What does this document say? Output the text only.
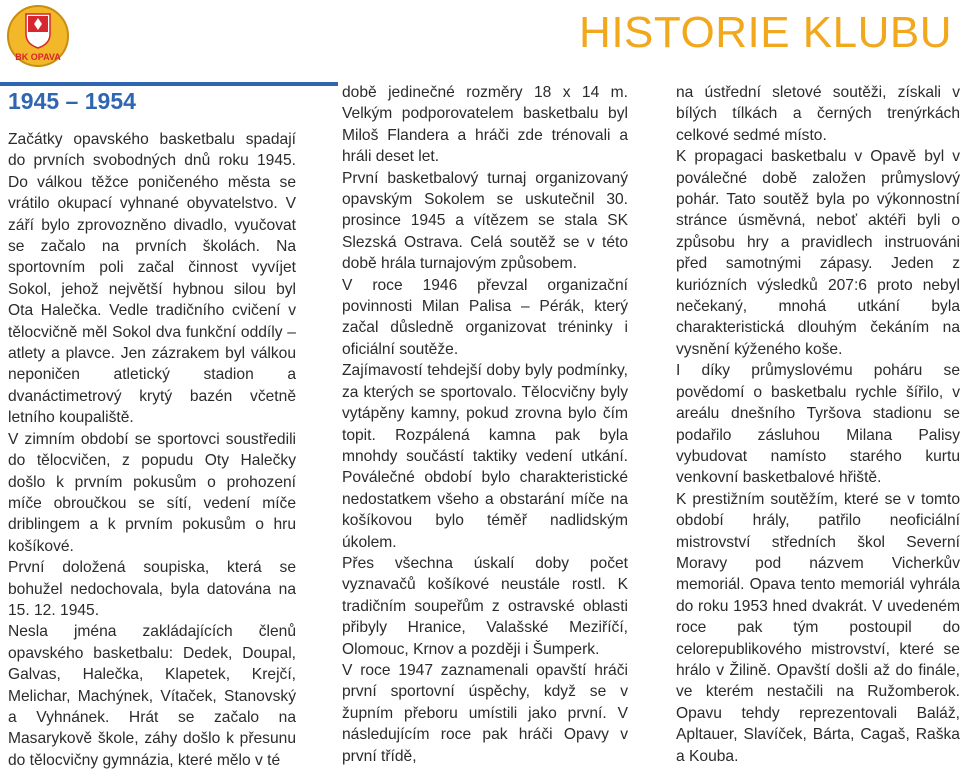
BK OPAVA	HISTORIE KLUBU
1945 – 1954

Začátky opavského basketbalu spadají do prvních svobodných dnů roku 1945. Do válkou těžce poničeného města se vrátilo okupací vyhnané obyvatelstvo. V září bylo zprovozněno divadlo, vyučovat se začalo na prvních školách. Na sportovním poli začal činnost vyvíjet Sokol, jehož největší hybnou silou byl Ota Halečka. Vedle tradičního cvičení v tělocvičně měl Sokol dva funkční oddíly – atlety a plavce. Jen zázrakem byl válkou neponičen atletický stadion a dvanáctimetrový krytý bazén včetně letního koupaliště.

V zimním období se sportovci soustředili do tělocvičen, z popudu Oty Halečky došlo k prvním pokusům o prohození míče obroučkou se sítí, vedení míče driblingem a k prvním pokusům o hru košíkové.

První doložená soupiska, která se bohužel nedochovala, byla datována na 15. 12. 1945.

Nesla jména zakládajících členů opavského basketbalu: Dedek, Doupal, Galvas, Halečka, Klapetek, Krejčí, Melichar, Machýnek, Vítaček, Stanovský a Vyhnánek. Hrát se začalo na Masarykově škole, záhy došlo k přesunu do tělocvičny gymnázia, které mělo v té

době jedinečné rozměry 18 x 14 m. Velkým podporovatelem basketbalu byl Miloš Flandera a hráči zde trénovali a hráli deset let.

První basketbalový turnaj organizovaný opavským Sokolem se uskutečnil 30. prosince 1945 a vítězem se stala SK Slezská Ostrava. Celá soutěž se v této době hrála turnajovým způsobem.

V roce 1946 převzal organizační povinnosti Milan Palisa – Pérák, který začal důsledně organizovat tréninky i oficiální soutěže.

Zajímavostí tehdejší doby byly podmínky, za kterých se sportovalo. Tělocvičny byly vytápěny kamny, pokud zrovna bylo čím topit. Rozpálená kamna pak byla mnohdy součástí taktiky vedení utkání. Poválečné období bylo charakteristické nedostatkem všeho a obstarání míče na košíkovou bylo téměř nadlidským úkolem.

Přes všechna úskalí doby počet vyznavačů košíkové neustále rostl. K tradičním soupeřům z ostravské oblasti přibyly Hranice, Valašské Meziříčí, Olomouc, Krnov a později i Šumperk.

V roce 1947 zaznamenali opavští hráči první sportovní úspěchy, když se v župním přeboru umístili jako první. V následujícím roce pak hráči Opavy v první třídě,

na ústřední sletové soutěži, získali v bílých tílkách a černých trenýrkách celkové sedmé místo.

K propagaci basketbalu v Opavě byl v poválečné době založen průmyslový pohár. Tato soutěž byla po výkonnostní stránce úsměvná, neboť aktéři byli o způsobu hry a pravidlech instruováni před samotnými zápasy. Jeden z kuriózních výsledků 207:6 proto nebyl nečekaný, mnohá utkání byla charakteristická dlouhým čekáním na vysnění kýženého koše.

I díky průmyslovému poháru se povědomí o basketbalu rychle šířilo, v areálu dnešního Tyršova stadionu se podařilo zásluhou Milana Palisy vybudovat namísto starého kurtu venkovní basketbalové hřiště.

K prestižním soutěžím, které se v tomto období hrály, patřilo neoficiální mistrovství středních škol Severní Moravy pod názvem Vicherkův memoriál. Opava tento memoriál vyhrála do roku 1953 hned dvakrát. V uvedeném roce pak tým postoupil do celorepublikového mistrovství, které se hrálo v Žilině. Opavští došli až do finále, ve kterém nestačili na Ružomberok. Opavu tehdy reprezentovali Baláž, Apltauer, Slavíček, Bárta, Cagaš, Raška a Kouba.
